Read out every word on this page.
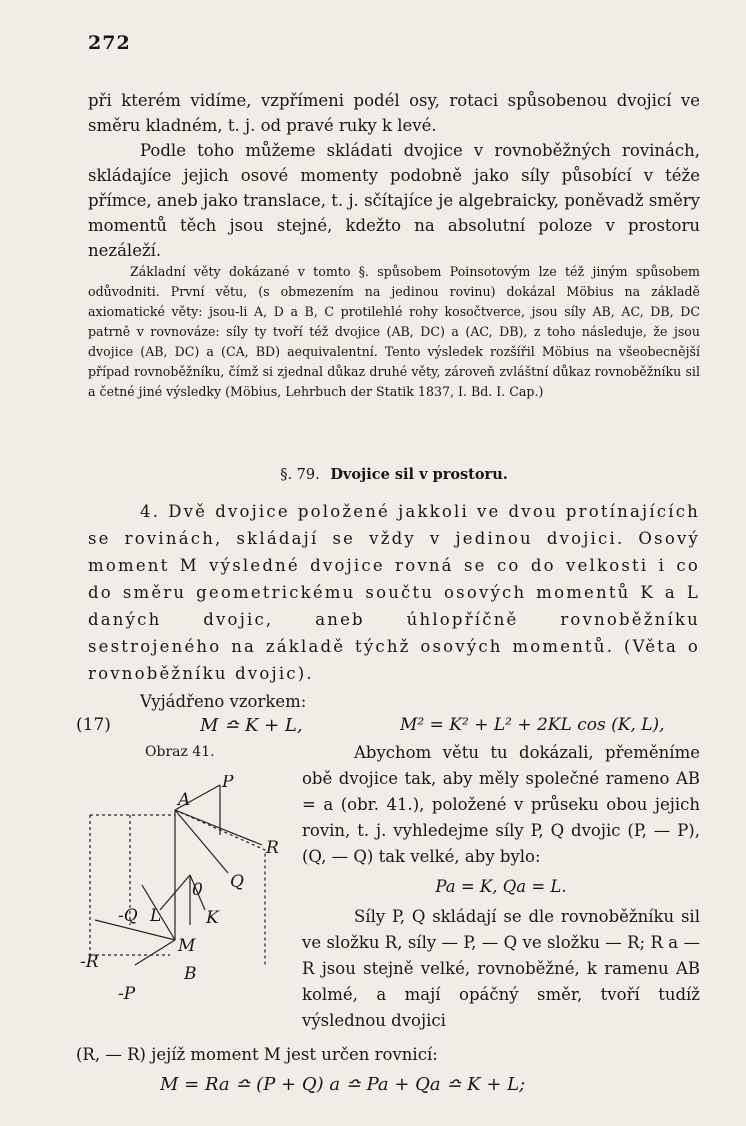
272

při kterém vidíme, vzpřímeni podél osy, rotaci spůsobenou dvojicí ve směru kladném, t. j. od pravé ruky k levé.

Podle toho můžeme skládati dvojice v rovnoběžných rovinách, skládajíce jejich osové momenty podobně jako síly působící v téže přímce, aneb jako translace, t. j. sčítajíce je algebraicky, poněvadž směry momentů těch jsou stejné, kdežto na absolutní poloze v prostoru nezáleží.

Základní věty dokázané v tomto §. spůsobem Poinsotovým lze též jiným spůsobem odůvodniti. První větu, (s obmezením na jedinou rovinu) dokázal Möbius na základě axiomatické věty: jsou-li A, D a B, C protilehlé rohy kosočtverce, jsou síly AB, AC, DB, DC patrně v rovnováze: síly ty tvoří též dvojice (AB, DC) a (AC, DB), z toho následuje, že jsou dvojice (AB, DC) a (CA, BD) aequivalentní. Tento výsledek rozšířil Möbius na všeobecnější případ rovnoběžníku, čímž si zjednal důkaz druhé věty, zároveň zvláštní důkaz rovnoběžníku sil a četné jiné výsledky (Möbius, Lehrbuch der Statik 1837, I. Bd. I. Cap.)

§. 79. Dvojice sil v prostoru.

4. Dvě dvojice položené jakkoli ve dvou protínajících se rovinách, skládají se vždy v jedinou dvojici. Osový moment M výsledné dvojice rovná se co do velkosti i co do směru geometrickému součtu osových momentů K a L daných dvojic, aneb úhlopříčně rovnoběžníku sestrojeného na základě týchž osových momentů. (Věta o rovnoběžníku dvojic).

Vyjádřeno vzorkem:

(17)	M ≏ K + L,	M² = K² + L² + 2KL cos (K, L),
Obraz 41.
P
R
Q
A
0
K
L
M
B
-Q
-R
-P

Abychom větu tu dokázali, přeměníme obě dvojice tak, aby měly společné rameno AB = a (obr. 41.), položené v průseku obou jejich rovin, t. j. vyhledejme síly P, Q dvojic (P, — P), (Q, — Q) tak velké, aby bylo:

Pa = K, Qa = L.

Síly P, Q skládají se dle rovnoběžníku sil ve složku R, síly — P, — Q ve složku — R; R a — R jsou stejně velké, rovnoběžné, k ramenu AB kolmé, a mají opáčný směr, tvoří tudíž výslednou dvojici

(R, — R) jejíž moment M jest určen rovnicí:

M = Ra ≏ (P + Q) a ≏ Pa + Qa ≏ K + L;
